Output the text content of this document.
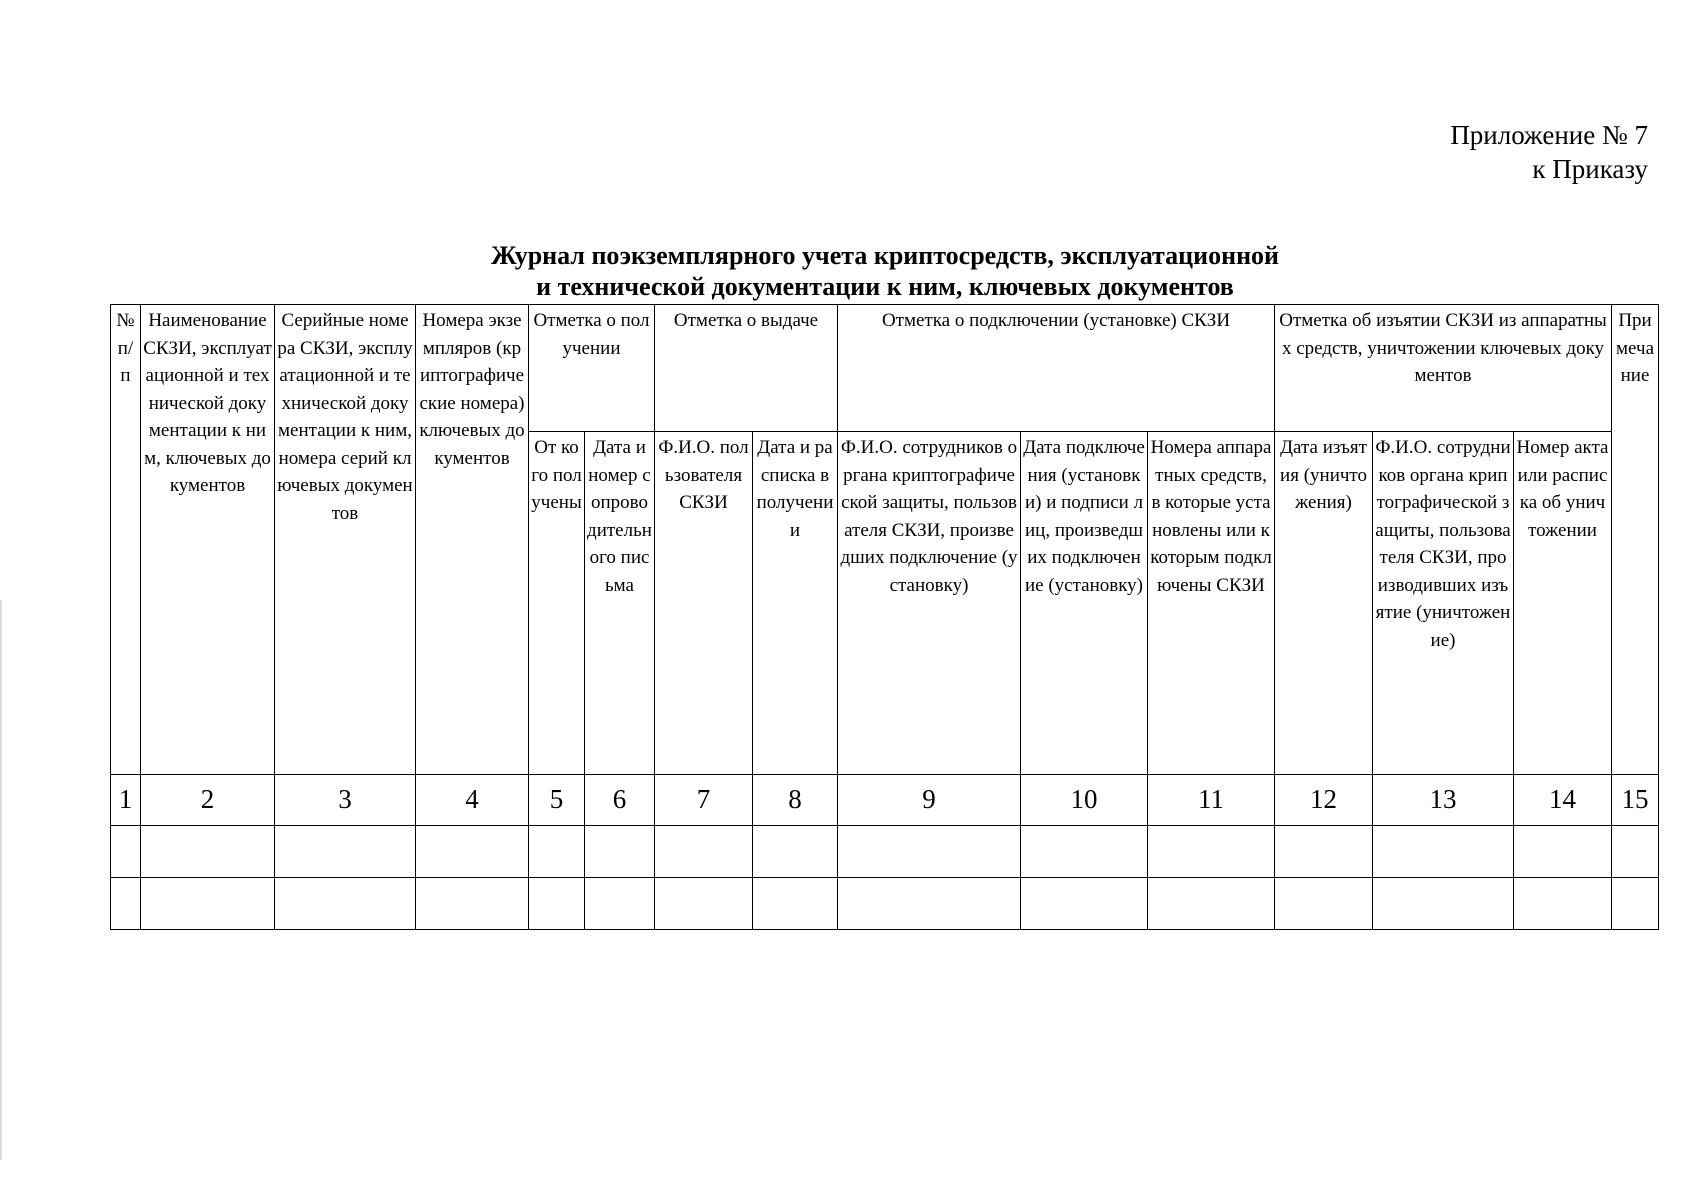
Приложение № 7
к Приказу
Журнал поэкземплярного учета криптосредств, эксплуатационной
и технической документации к ним, ключевых документов
№ п/п	Наименование СКЗИ, эксплуатационной и технической документации к ним, ключевых документов	Серийные номера СКЗИ, эксплуатационной и технической документации к ним, номера серий ключевых документов	Номера экземпляров (криптографические номера) ключевых документов	Отметка о получении		Отметка о выдаче		Отметка о подключении (установке) СКЗИ			Отметка об изъятии СКЗИ из аппаратных средств, уничтожении ключевых документов			Примечание
				От кого получены	Дата и номер сопроводительного письма	Ф.И.О. пользователя СКЗИ	Дата и расписка в получении	Ф.И.О. сотрудников органа криптографической защиты, пользователя СКЗИ, произведших подключение (установку)	Дата подключения (установки) и подписи лиц, произведших подключение (установку)	Номера аппаратных средств, в которые установлены или к которым подключены СКЗИ	Дата изъятия (уничтожения)	Ф.И.О. сотрудников органа криптографической защиты, пользователя СКЗИ, производивших изъятие (уничтожение)	Номер акта или расписка об уничтожении	
1	2	3	4	5	6	7	8	9	10	11	12	13	14	15
